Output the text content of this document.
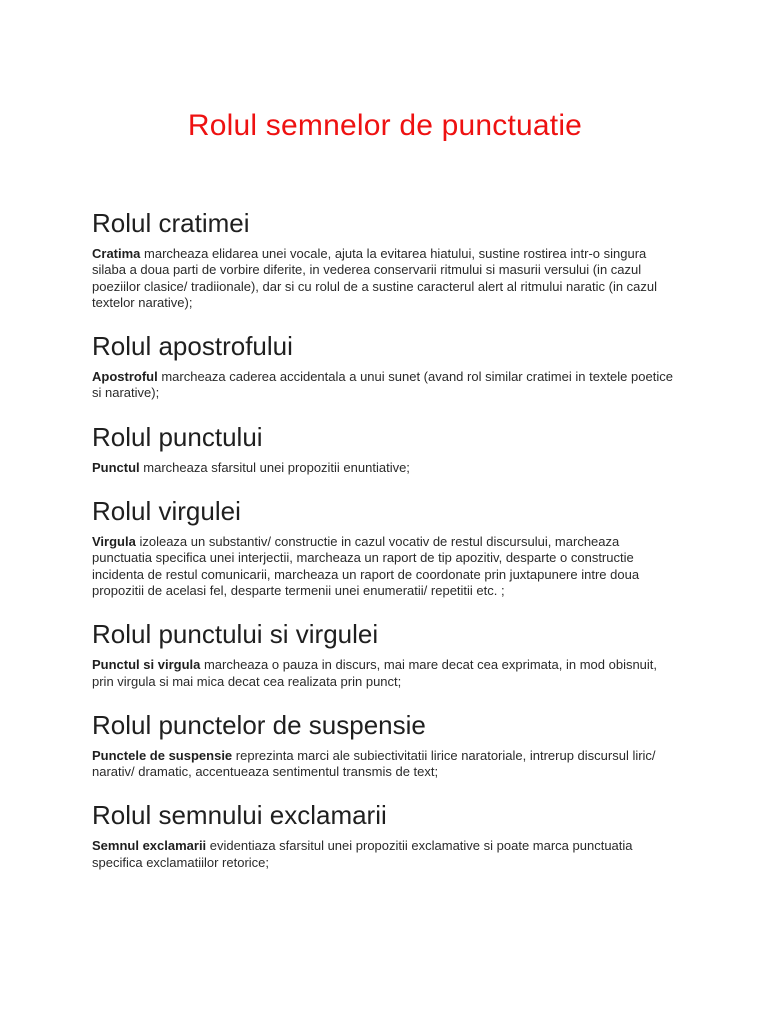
Rolul semnelor de punctuatie
Rolul cratimei

Cratima marcheaza elidarea unei vocale, ajuta la evitarea hiatului, sustine rostirea intr-o singura silaba a doua parti de vorbire diferite, in vederea conservarii ritmului si masurii versului (in cazul poeziilor clasice/ tradiionale), dar si cu rolul de a sustine caracterul alert al ritmului naratic (in cazul textelor narative);

Rolul apostrofului

Apostroful marcheaza caderea accidentala a unui sunet (avand rol similar cratimei in textele poetice si narative);

Rolul punctului

Punctul marcheaza sfarsitul unei propozitii enuntiative;

Rolul virgulei

Virgula izoleaza un substantiv/ constructie in cazul vocativ de restul discursului, marcheaza punctuatia specifica unei interjectii, marcheaza un raport de tip apozitiv, desparte o constructie incidenta de restul comunicarii, marcheaza un raport de coordonate prin juxtapunere intre doua propozitii de acelasi fel, desparte termenii unei enumeratii/ repetitii etc. ;

Rolul punctului si virgulei

Punctul si virgula marcheaza o pauza in discurs, mai mare decat cea exprimata, in mod obisnuit, prin virgula si mai mica decat cea realizata prin punct;

Rolul punctelor de suspensie

Punctele de suspensie reprezinta marci ale subiectivitatii lirice naratoriale, intrerup discursul liric/ narativ/ dramatic, accentueaza sentimentul transmis de text;

Rolul semnului exclamarii

Semnul exclamarii evidentiaza sfarsitul unei propozitii exclamative si poate marca punctuatia specifica exclamatiilor retorice;
